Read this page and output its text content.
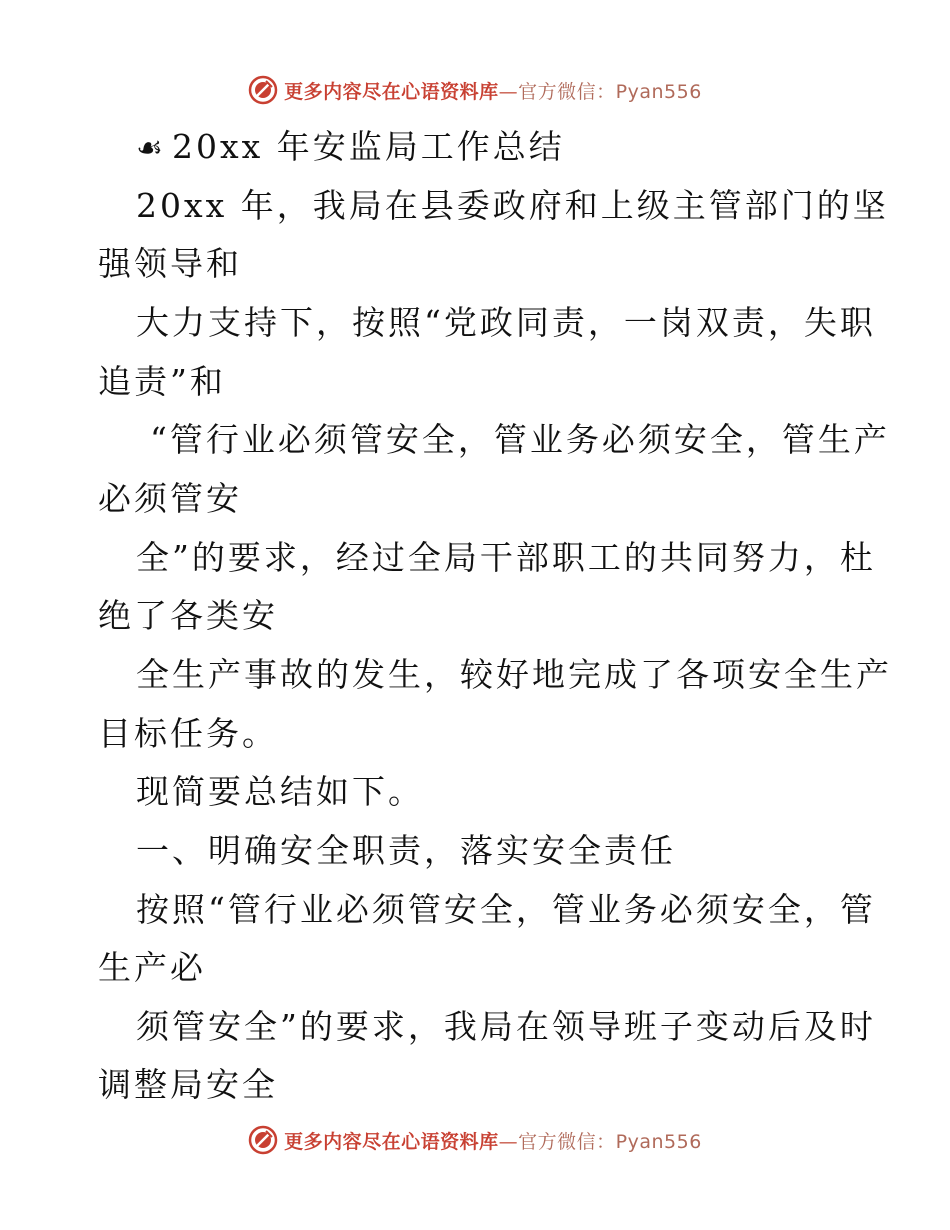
更多内容尽在心语资料库—官方微信：Pyan556
☙ 20xx 年安监局工作总结
20xx 年，我局在县委政府和上级主管部门的坚
强领导和
大力支持下，按照“党政同责，一岗双责，失职
追责”和
“管行业必须管安全，管业务必须安全，管生产
必须管安
全”的要求，经过全局干部职工的共同努力，杜
绝了各类安
全生产事故的发生，较好地完成了各项安全生产
目标任务。
现简要总结如下。
一、明确安全职责，落实安全责任
按照“管行业必须管安全，管业务必须安全，管
生产必
须管安全”的要求，我局在领导班子变动后及时
调整局安全
更多内容尽在心语资料库—官方微信：Pyan556
